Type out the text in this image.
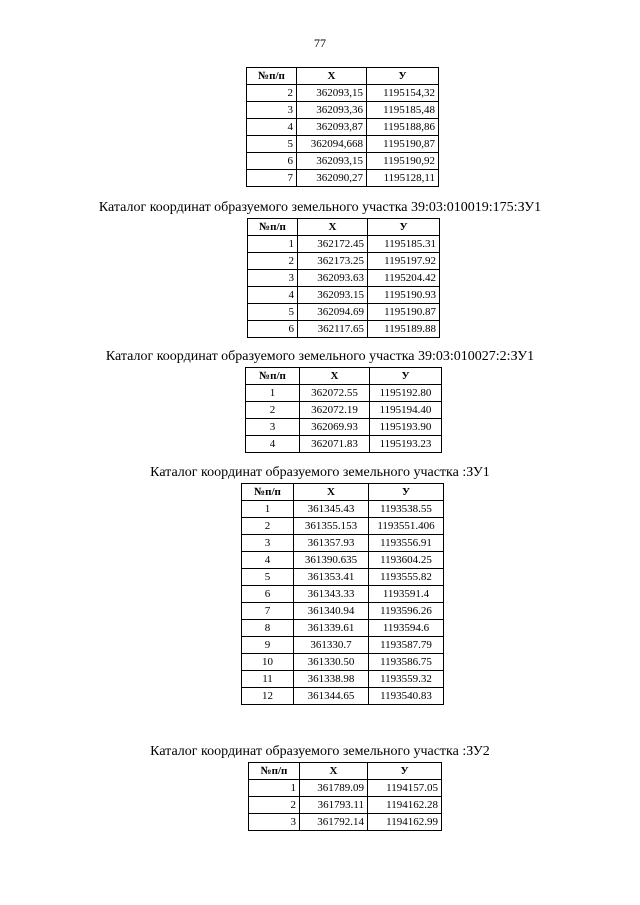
77
№п/п	X	У
2	362093,15	1195154,32
3	362093,36	1195185,48
4	362093,87	1195188,86
5	362094,668	1195190,87
6	362093,15	1195190,92
7	362090,27	1195128,11
Каталог координат образуемого земельного участка 39:03:010019:175:ЗУ1
№п/п	X	У
1	362172.45	1195185.31
2	362173.25	1195197.92
3	362093.63	1195204.42
4	362093.15	1195190.93
5	362094.69	1195190.87
6	362117.65	1195189.88
Каталог координат образуемого земельного участка 39:03:010027:2:ЗУ1
№п/п	X	У
1	362072.55	1195192.80
2	362072.19	1195194.40
3	362069.93	1195193.90
4	362071.83	1195193.23
Каталог координат образуемого земельного участка :ЗУ1
№п/п	X	У
1	361345.43	1193538.55
2	361355.153	1193551.406
3	361357.93	1193556.91
4	361390.635	1193604.25
5	361353.41	1193555.82
6	361343.33	1193591.4
7	361340.94	1193596.26
8	361339.61	1193594.6
9	361330.7	1193587.79
10	361330.50	1193586.75
11	361338.98	1193559.32
12	361344.65	1193540.83
Каталог координат образуемого земельного участка :ЗУ2
№п/п	X	У
1	361789.09	1194157.05
2	361793.11	1194162.28
3	361792.14	1194162.99
